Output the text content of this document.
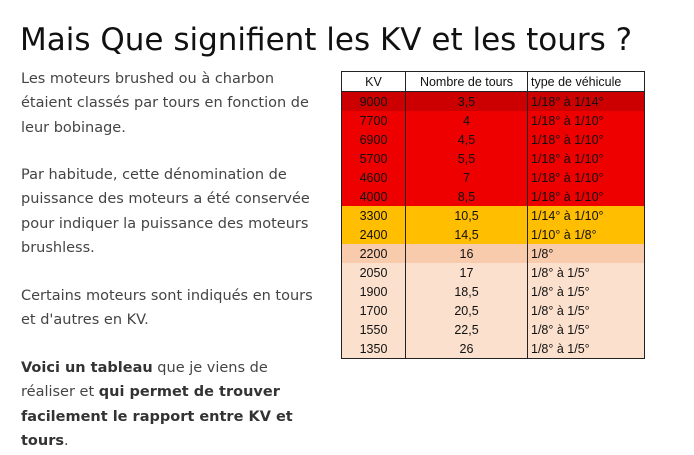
Mais Que signifient les KV et les tours ?

Les moteurs brushed ou à charbon étaient classés par tours en fonction de leur bobinage.

Par habitude, cette dénomination de puissance des moteurs a été conservée pour indiquer la puissance des moteurs brushless.

Certains moteurs sont indiqués en tours et d'autres en KV.

Voici un tableau que je viens de réaliser et qui permet de trouver facilement le rapport entre KV et tours.

KV	Nombre de tours	type de véhicule
9000	3,5	1/18° à 1/14°
7700	4	1/18° à 1/10°
6900	4,5	1/18° à 1/10°
5700	5,5	1/18° à 1/10°
4600	7	1/18° à 1/10°
4000	8,5	1/18° à 1/10°
3300	10,5	1/14° à 1/10°
2400	14,5	1/10° à 1/8°
2200	16	1/8°
2050	17	1/8° à 1/5°
1900	18,5	1/8° à 1/5°
1700	20,5	1/8° à 1/5°
1550	22,5	1/8° à 1/5°
1350	26	1/8° à 1/5°
